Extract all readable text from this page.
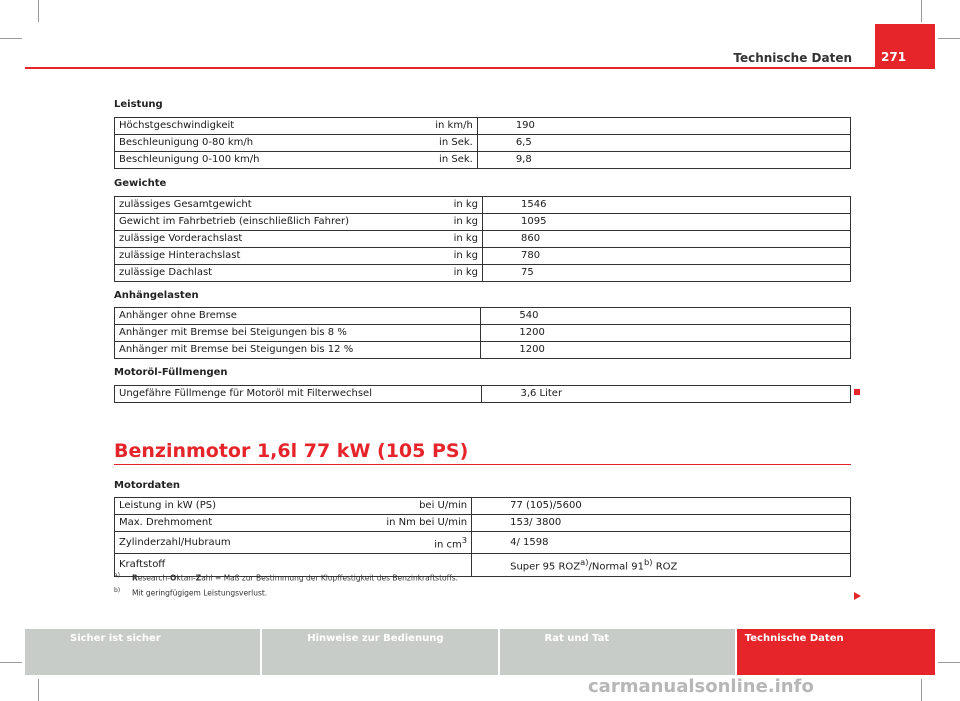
Technische Daten 271
Leistung
Höchstgeschwindigkeit	in km/h	190
Beschleunigung 0-80 km/h	in Sek.	6,5
Beschleunigung 0-100 km/h	in Sek.	9,8
Gewichte
zulässiges Gesamtgewicht	in kg	1546
Gewicht im Fahrbetrieb (einschließlich Fahrer)	in kg	1095
zulässige Vorderachslast	in kg	860
zulässige Hinterachslast	in kg	780
zulässige Dachlast	in kg	75
Anhängelasten
Anhänger ohne Bremse		540
Anhänger mit Bremse bei Steigungen bis 8 %		1200
Anhänger mit Bremse bei Steigungen bis 12 %		1200
Motoröl-Füllmengen
Ungefähre Füllmenge für Motoröl mit Filterwechsel		3,6 Liter
Benzinmotor 1,6l 77 kW (105 PS)
Motordaten
Leistung in kW (PS)	bei U/min	77 (105)/5600
Max. Drehmoment	in Nm bei U/min	153/ 3800
Zylinderzahl/Hubraum	in $cm^3$	4/ 1598
Kraftstoff		Super 95 ROZ$^{a)}$/Normal 91$^{b)}$ ROZ
$^{a)}$ Research-Oktan-Zahl = Maß zur Bestimmung der Klopffestigkeit des Benzinkraftstoffs.
$^{b)}$ Mit geringfügigem Leistungsverlust.
Sicher ist sicher	Hinweise zur Bedienung	Rat und Tat	Technische Daten
carmanualsonline.info
